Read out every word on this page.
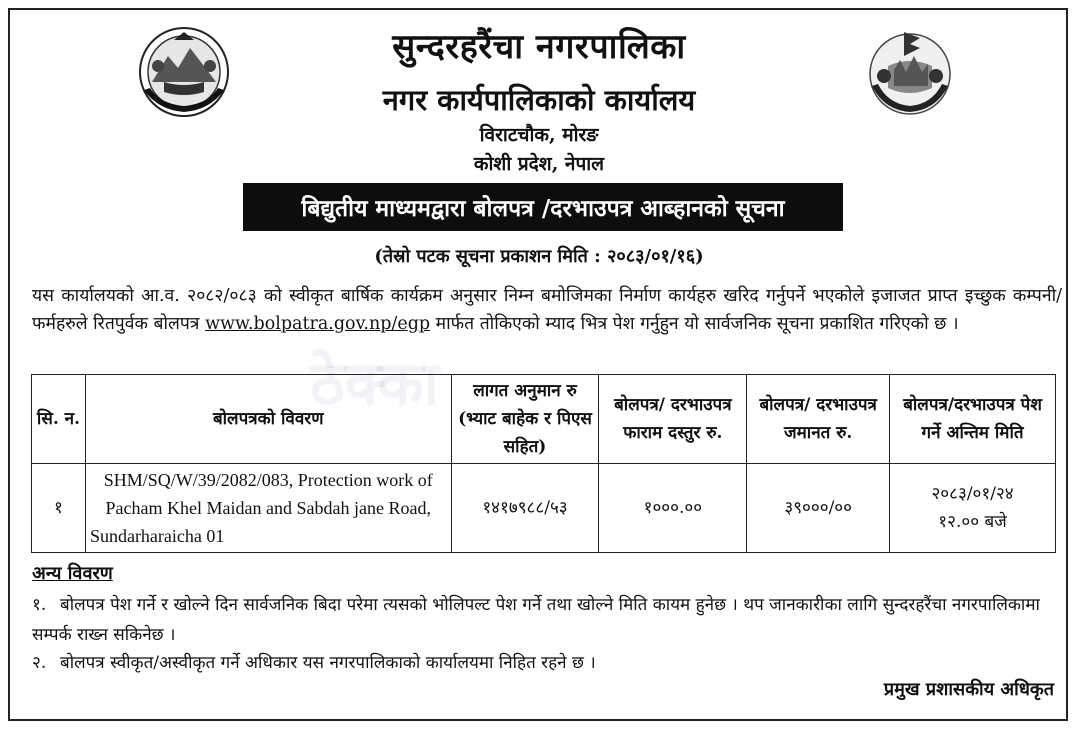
ठेक्का
सुन्दरहरैंचा नगरपालिका
नगर कार्यपालिकाको कार्यालय
विराटचौक, मोरङ
कोशी प्रदेश, नेपाल
बिद्युतीय माध्यमद्वारा बोलपत्र /दरभाउपत्र आब्हानको सूचना
(तेस्रो पटक सूचना प्रकाशन मिति : २०८३/०१/१६)
यस कार्यालयको आ.व. २०८२/०८३ को स्वीकृत बार्षिक कार्यक्रम अनुसार निम्न बमोजिमका निर्माण कार्यहरु खरिद गर्नुपर्ने भएकोले इजाजत प्राप्त इच्छुक कम्पनी/फर्महरुले रितपुर्वक बोलपत्र www.bolpatra.gov.np/egp मार्फत तोकिएको म्याद भित्र पेश गर्नुहुन यो सार्वजनिक सूचना प्रकाशित गरिएको छ ।
सि. न.	बोलपत्रको विवरण	लागत अनुमान रु (भ्याट बाहेक र पिएस सहित)	बोलपत्र/ दरभाउपत्र फाराम दस्तुर रु.	बोलपत्र/ दरभाउपत्र जमानत रु.	बोलपत्र/दरभाउपत्र पेश गर्ने अन्तिम मिति
१	SHM/SQ/W/39/2082/083, Protection work of Pacham Khel Maidan and Sabdah jane Road, Sundarharaicha 01	१४१७९८८/५३	१०००.००	३९०००/००	२०८३/०१/२४
१२.०० बजे
अन्य विवरण
१. बोलपत्र पेश गर्ने र खोल्ने दिन सार्वजनिक बिदा परेमा त्यसको भोलिपल्ट पेश गर्ने तथा खोल्ने मिति कायम हुनेछ । थप जानकारीका लागि सुन्दरहरैंचा नगरपालिकामा सम्पर्क राख्न सकिनेछ ।
२. बोलपत्र स्वीकृत/अस्वीकृत गर्ने अधिकार यस नगरपालिकाको कार्यालयमा निहित रहने छ ।
प्रमुख प्रशासकीय अधिकृत
